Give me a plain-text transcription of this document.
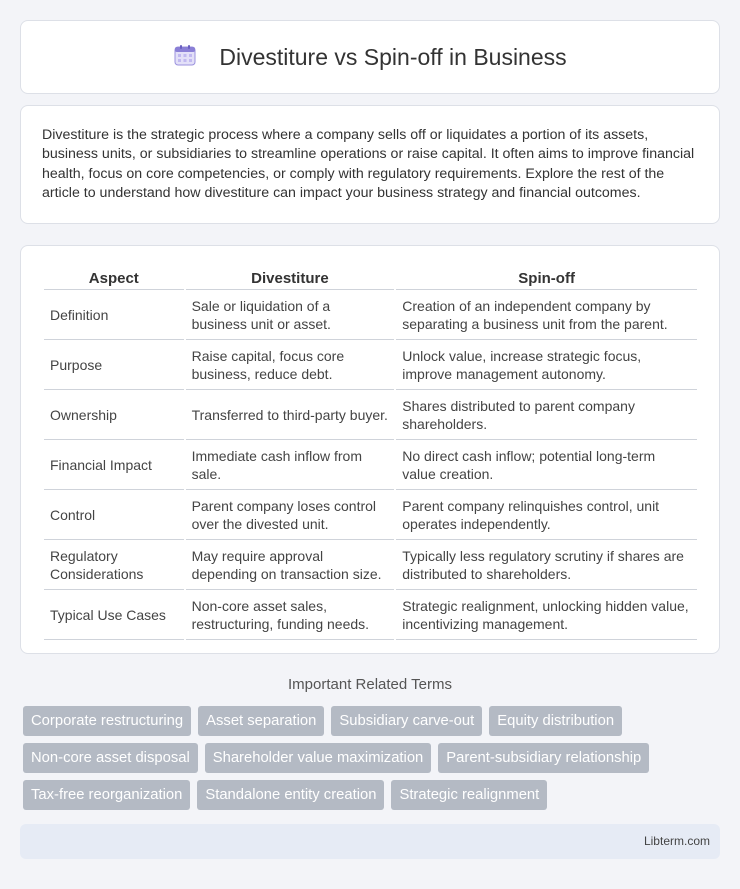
Divestiture vs Spin-off in Business

Divestiture is the strategic process where a company sells off or liquidates a portion of its assets, business units, or subsidiaries to streamline operations or raise capital. It often aims to improve financial health, focus on core competencies, or comply with regulatory requirements. Explore the rest of the article to understand how divestiture can impact your business strategy and financial outcomes.

Aspect	Divestiture	Spin-off
Definition	Sale or liquidation of a business unit or asset.	Creation of an independent company by separating a business unit from the parent.
Purpose	Raise capital, focus core business, reduce debt.	Unlock value, increase strategic focus, improve management autonomy.
Ownership	Transferred to third-party buyer.	Shares distributed to parent company shareholders.
Financial Impact	Immediate cash inflow from sale.	No direct cash inflow; potential long-term value creation.
Control	Parent company loses control over the divested unit.	Parent company relinquishes control, unit operates independently.
Regulatory Considerations	May require approval depending on transaction size.	Typically less regulatory scrutiny if shares are distributed to shareholders.
Typical Use Cases	Non-core asset sales, restructuring, funding needs.	Strategic realignment, unlocking hidden value, incentivizing management.
Important Related Terms
Corporate restructuring	Asset separation	Subsidiary carve-out	Equity distribution
Non-core asset disposal	Shareholder value maximization	Parent-subsidiary relationship
Tax-free reorganization	Standalone entity creation	Strategic realignment
Libterm.com
